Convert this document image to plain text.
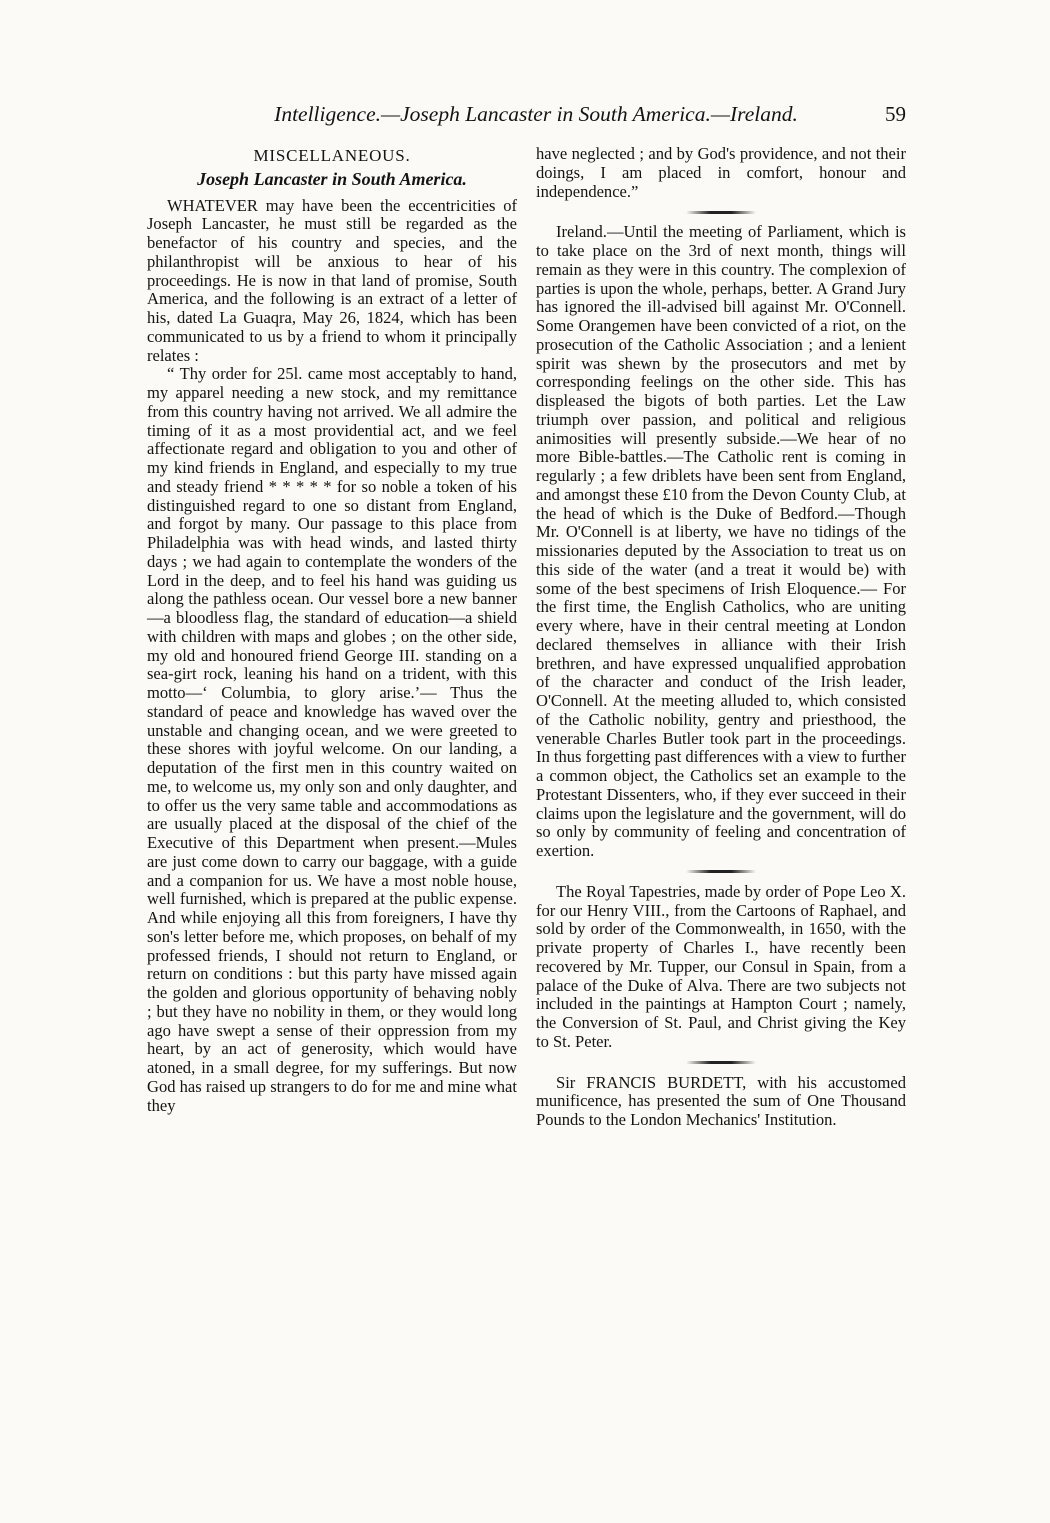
Intelligence.—Joseph Lancaster in South America.—Ireland.	59
MISCELLANEOUS.
Joseph Lancaster in South America.

WHATEVER may have been the eccentricities of Joseph Lancaster, he must still be regarded as the benefactor of his country and species, and the philanthropist will be anxious to hear of his proceedings. He is now in that land of promise, South America, and the following is an extract of a letter of his, dated La Guaqra, May 26, 1824, which has been communicated to us by a friend to whom it principally relates :

“ Thy order for 25l. came most acceptably to hand, my apparel needing a new stock, and my remittance from this country having not arrived. We all admire the timing of it as a most providential act, and we feel affectionate regard and obligation to you and other of my kind friends in England, and especially to my true and steady friend * * * * * for so noble a token of his distinguished regard to one so distant from England, and forgot by many. Our passage to this place from Philadelphia was with head winds, and lasted thirty days ; we had again to contemplate the wonders of the Lord in the deep, and to feel his hand was guiding us along the pathless ocean. Our vessel bore a new banner—a bloodless flag, the standard of education—a shield with children with maps and globes ; on the other side, my old and honoured friend George III. standing on a sea-girt rock, leaning his hand on a trident, with this motto—‘ Columbia, to glory arise.’— Thus the standard of peace and knowledge has waved over the unstable and changing ocean, and we were greeted to these shores with joyful welcome. On our landing, a deputation of the first men in this country waited on me, to welcome us, my only son and only daughter, and to offer us the very same table and accommodations as are usually placed at the disposal of the chief of the Executive of this Department when present.—Mules are just come down to carry our baggage, with a guide and a companion for us. We have a most noble house, well furnished, which is prepared at the public expense. And while enjoying all this from foreigners, I have thy son's letter before me, which proposes, on behalf of my professed friends, I should not return to England, or return on conditions : but this party have missed again the golden and glorious opportunity of behaving nobly ; but they have no nobility in them, or they would long ago have swept a sense of their oppression from my heart, by an act of generosity, which would have atoned, in a small degree, for my sufferings. But now God has raised up strangers to do for me and mine what they

have neglected ; and by God's providence, and not their doings, I am placed in comfort, honour and independence.”

Ireland.—Until the meeting of Parliament, which is to take place on the 3rd of next month, things will remain as they were in this country. The complexion of parties is upon the whole, perhaps, better. A Grand Jury has ignored the ill-advised bill against Mr. O'Connell. Some Orangemen have been convicted of a riot, on the prosecution of the Catholic Association ; and a lenient spirit was shewn by the prosecutors and met by corresponding feelings on the other side. This has displeased the bigots of both parties. Let the Law triumph over passion, and political and religious animosities will presently subside.—We hear of no more Bible-battles.—The Catholic rent is coming in regularly ; a few driblets have been sent from England, and amongst these £10 from the Devon County Club, at the head of which is the Duke of Bedford.—Though Mr. O'Connell is at liberty, we have no tidings of the missionaries deputed by the Association to treat us on this side of the water (and a treat it would be) with some of the best specimens of Irish Eloquence.— For the first time, the English Catholics, who are uniting every where, have in their central meeting at London declared themselves in alliance with their Irish brethren, and have expressed unqualified approbation of the character and conduct of the Irish leader, O'Connell. At the meeting alluded to, which consisted of the Catholic nobility, gentry and priesthood, the venerable Charles Butler took part in the proceedings. In thus forgetting past differences with a view to further a common object, the Catholics set an example to the Protestant Dissenters, who, if they ever succeed in their claims upon the legislature and the government, will do so only by community of feeling and concentration of exertion.

The Royal Tapestries, made by order of Pope Leo X. for our Henry VIII., from the Cartoons of Raphael, and sold by order of the Commonwealth, in 1650, with the private property of Charles I., have recently been recovered by Mr. Tupper, our Consul in Spain, from a palace of the Duke of Alva. There are two subjects not included in the paintings at Hampton Court ; namely, the Conversion of St. Paul, and Christ giving the Key to St. Peter.

Sir FRANCIS BURDETT, with his accustomed munificence, has presented the sum of One Thousand Pounds to the London Mechanics' Institution.
